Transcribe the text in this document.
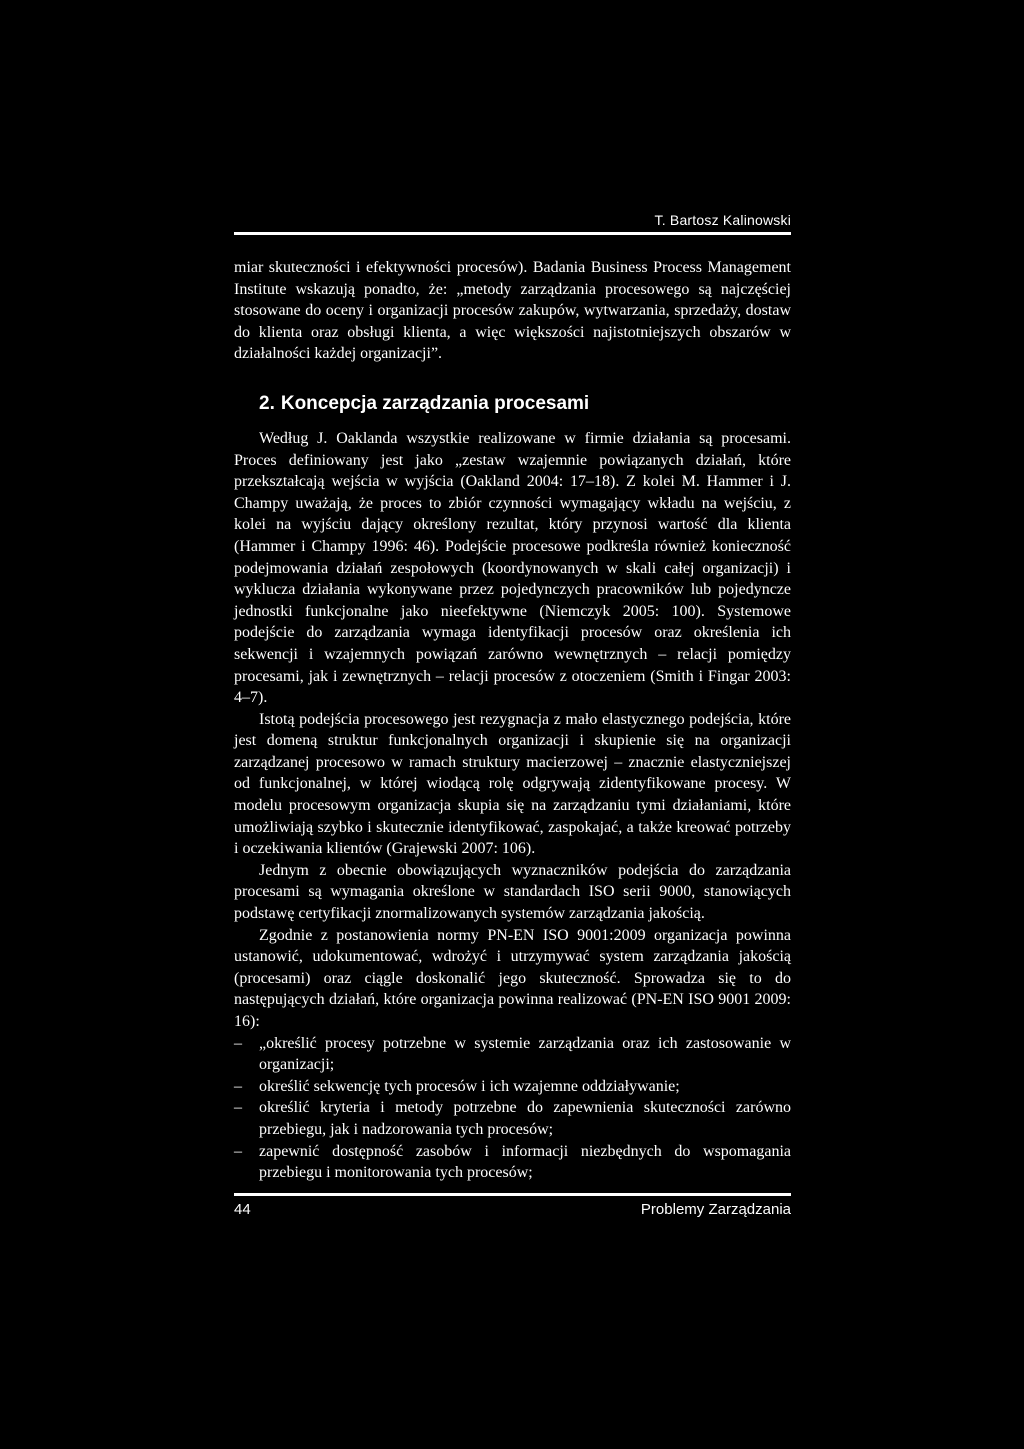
T. Bartosz Kalinowski

miar skuteczności i efektywności procesów). Badania Business Process Management Institute wskazują ponadto, że: „metody zarządzania procesowego są najczęściej stosowane do oceny i organizacji procesów zakupów, wytwarzania, sprzedaży, dostaw do klienta oraz obsługi klienta, a więc większości najistotniejszych obszarów w działalności każdej organizacji”.

2. Koncepcja zarządzania procesami

Według J. Oaklanda wszystkie realizowane w firmie działania są procesami. Proces definiowany jest jako „zestaw wzajemnie powiązanych działań, które przekształcają wejścia w wyjścia (Oakland 2004: 17–18). Z kolei M. Hammer i J. Champy uważają, że proces to zbiór czynności wymagający wkładu na wejściu, z kolei na wyjściu dający określony rezultat, który przynosi wartość dla klienta (Hammer i Champy 1996: 46). Podejście procesowe podkreśla również konieczność podejmowania działań zespołowych (koordynowanych w skali całej organizacji) i wyklucza działania wykonywane przez pojedynczych pracowników lub pojedyncze jednostki funkcjonalne jako nieefektywne (Niemczyk 2005: 100). Systemowe podejście do zarządzania wymaga identyfikacji procesów oraz określenia ich sekwencji i wzajemnych powiązań zarówno wewnętrznych – relacji pomiędzy procesami, jak i zewnętrznych – relacji procesów z otoczeniem (Smith i Fingar 2003: 4–7).

Istotą podejścia procesowego jest rezygnacja z mało elastycznego podejścia, które jest domeną struktur funkcjonalnych organizacji i skupienie się na organizacji zarządzanej procesowo w ramach struktury macierzowej – znacznie elastyczniejszej od funkcjonalnej, w której wiodącą rolę odgrywają zidentyfikowane procesy. W modelu procesowym organizacja skupia się na zarządzaniu tymi działaniami, które umożliwiają szybko i skutecznie identyfikować, zaspokajać, a także kreować potrzeby i oczekiwania klientów (Grajewski 2007: 106).

Jednym z obecnie obowiązujących wyznaczników podejścia do zarządzania procesami są wymagania określone w standardach ISO serii 9000, stanowiących podstawę certyfikacji znormalizowanych systemów zarządzania jakością.

Zgodnie z postanowienia normy PN-EN ISO 9001:2009 organizacja powinna ustanowić, udokumentować, wdrożyć i utrzymywać system zarządzania jakością (procesami) oraz ciągle doskonalić jego skuteczność. Sprowadza się to do następujących działań, które organizacja powinna realizować (PN-EN ISO 9001 2009: 16):

– „określić procesy potrzebne w systemie zarządzania oraz ich zastosowanie w organizacji;
– określić sekwencję tych procesów i ich wzajemne oddziaływanie;
– określić kryteria i metody potrzebne do zapewnienia skuteczności zarówno przebiegu, jak i nadzorowania tych procesów;
– zapewnić dostępność zasobów i informacji niezbędnych do wspomagania przebiegu i monitorowania tych procesów;
44	Problemy Zarządzania
